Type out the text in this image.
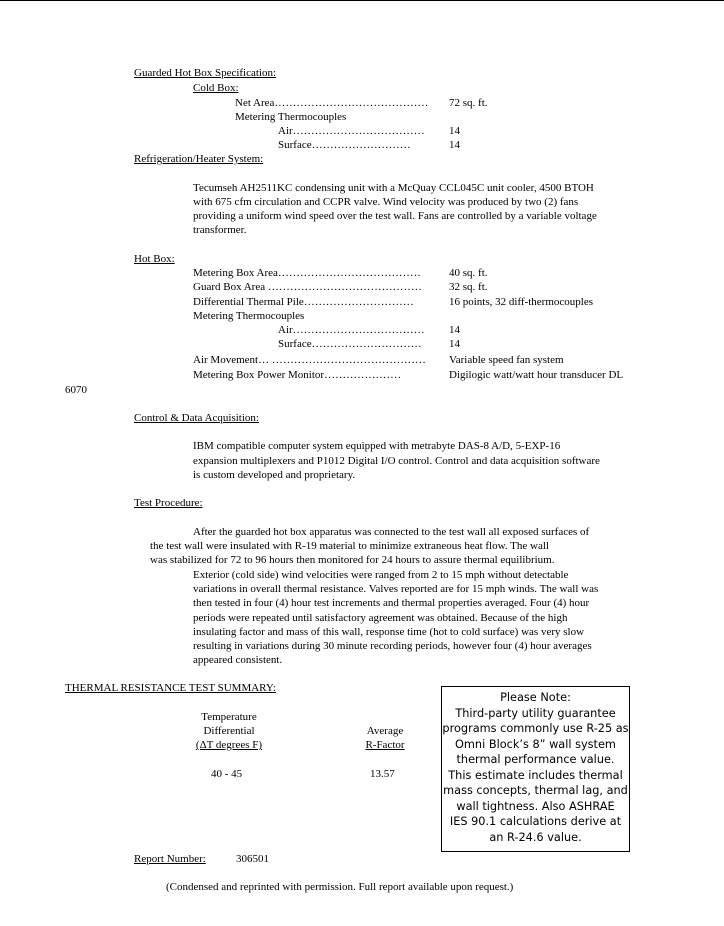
Guarded Hot Box Specification:
Cold Box:
Net Area…………………………………… 72 sq. ft.
Metering Thermocouples
Air……………………………… 14
Surface………………………	14
Refrigeration/Heater System:
Tecumseh AH2511KC condensing unit with a McQuay CCL045C unit cooler, 4500 BTOH
with 675 cfm circulation and CCPR valve. Wind velocity was produced by two (2) fans
providing a uniform wind speed over the test wall. Fans are controlled by a variable voltage
transformer.
Hot Box:
Metering Box Area…………………………………	40 sq. ft.
Guard Box Area …………………………………… 32 sq. ft.
Differential Thermal Pile…………………………	16 points, 32 diff-thermocouples
Metering Thermocouples
Air……………………………… 14
Surface………………………… 14
Air Movement… …………………………………… Variable speed fan system
Metering Box Power Monitor…………………	Digilogic watt/watt hour transducer DL
6070
Control & Data Acquisition:
IBM compatible computer system equipped with metrabyte DAS-8 A/D, 5-EXP-16
expansion multiplexers and P1012 Digital I/O control. Control and data acquisition software
is custom developed and proprietary.
Test Procedure:
After the guarded hot box apparatus was connected to the test wall all exposed surfaces of
the test wall were insulated with R-19 material to minimize extraneous heat flow. The wall
was stabilized for 72 to 96 hours then monitored for 24 hours to assure thermal equilibrium.
Exterior (cold side) wind velocities were ranged from 2 to 15 mph without detectable
variations in overall thermal resistance. Valves reported are for 15 mph winds. The wall was
then tested in four (4) hour test increments and thermal properties averaged. Four (4) hour
periods were repeated until satisfactory agreement was obtained. Because of the high
insulating factor and mass of this wall, response time (hot to cold surface) was very slow
resulting in variations during 30 minute recording periods, however four (4) hour averages
appeared consistent.
THERMAL RESISTANCE TEST SUMMARY:
Temperature
Differential
(ΔT degrees F)
Average
R-Factor
40 - 45	13.57
Please Note:
Third-party utility guarantee
programs commonly use R-25 as
Omni Block’s 8” wall system
thermal performance value.
This estimate includes thermal
mass concepts, thermal lag, and
wall tightness. Also ASHRAE
IES 90.1 calculations derive at
an R-24.6 value.
Report Number:	306501
(Condensed and reprinted with permission. Full report available upon request.)
